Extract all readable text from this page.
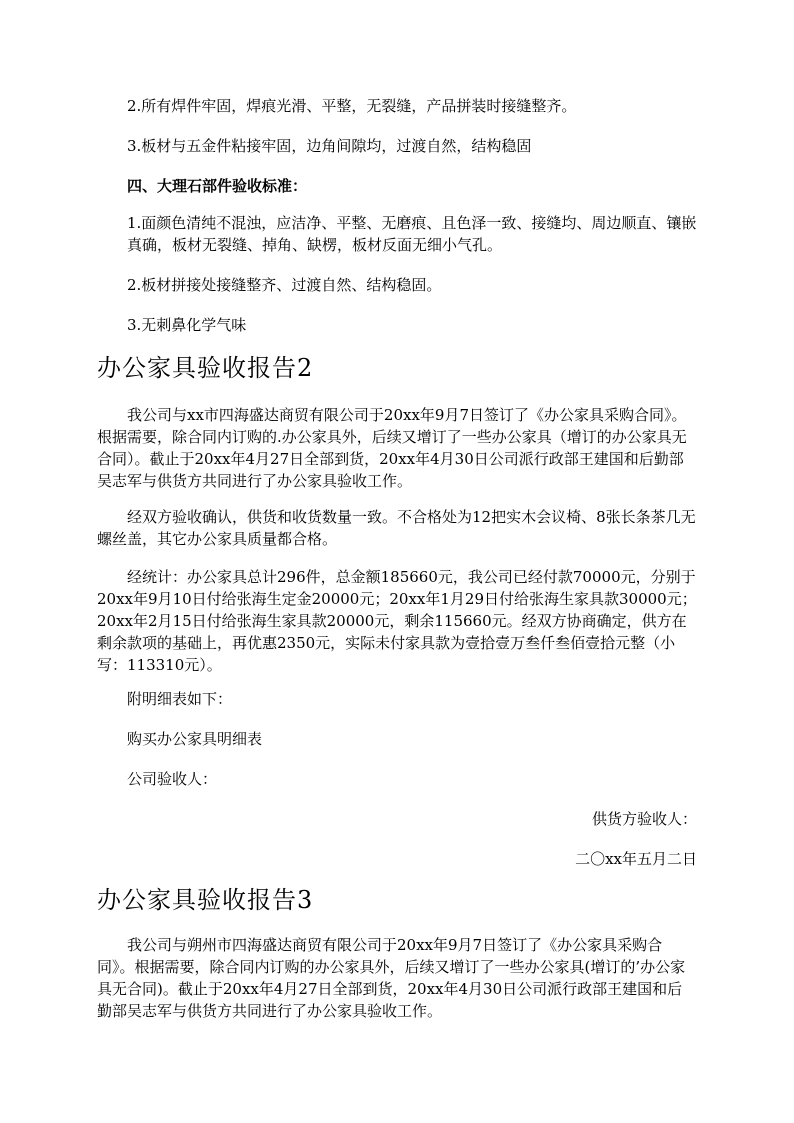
2.所有焊件牢固，焊痕光滑、平整，无裂缝，产品拼装时接缝整齐。

3.板材与五金件粘接牢固，边角间隙均，过渡自然，结构稳固

四、大理石部件验收标准：

1.面颜色清纯不混浊，应洁净、平整、无磨痕、且色泽一致、接缝均、周边顺直、镶嵌真确，板材无裂缝、掉角、缺楞，板材反面无细小气孔。

2.板材拼接处接缝整齐、过渡自然、结构稳固。

3.无刺鼻化学气味

办公家具验收报告2

我公司与xx市四海盛达商贸有限公司于20xx年9月7日签订了《办公家具采购合同》。根据需要，除合同内订购的.办公家具外，后续又增订了一些办公家具（增订的办公家具无合同）。截止于20xx年4月27日全部到货，20xx年4月30日公司派行政部王建国和后勤部吴志军与供货方共同进行了办公家具验收工作。

经双方验收确认，供货和收货数量一致。不合格处为12把实木会议椅、8张长条茶几无螺丝盖，其它办公家具质量都合格。

经统计：办公家具总计296件，总金额185660元，我公司已经付款70000元，分别于20xx年9月10日付给张海生定金20000元；20xx年1月29日付给张海生家具款30000元；20xx年2月15日付给张海生家具款20000元，剩余115660元。经双方协商确定，供方在剩余款项的基础上，再优惠2350元，实际未付家具款为壹拾壹万叁仟叁佰壹拾元整（小写：113310元）。

附明细表如下：

购买办公家具明细表

公司验收人：

供货方验收人：

二〇xx年五月二日

办公家具验收报告3

我公司与朔州市四海盛达商贸有限公司于20xx年9月7日签订了《办公家具采购合同》。根据需要，除合同内订购的办公家具外，后续又增订了一些办公家具(增订的’办公家具无合同)。截止于20xx年4月27日全部到货，20xx年4月30日公司派行政部王建国和后勤部吴志军与供货方共同进行了办公家具验收工作。
